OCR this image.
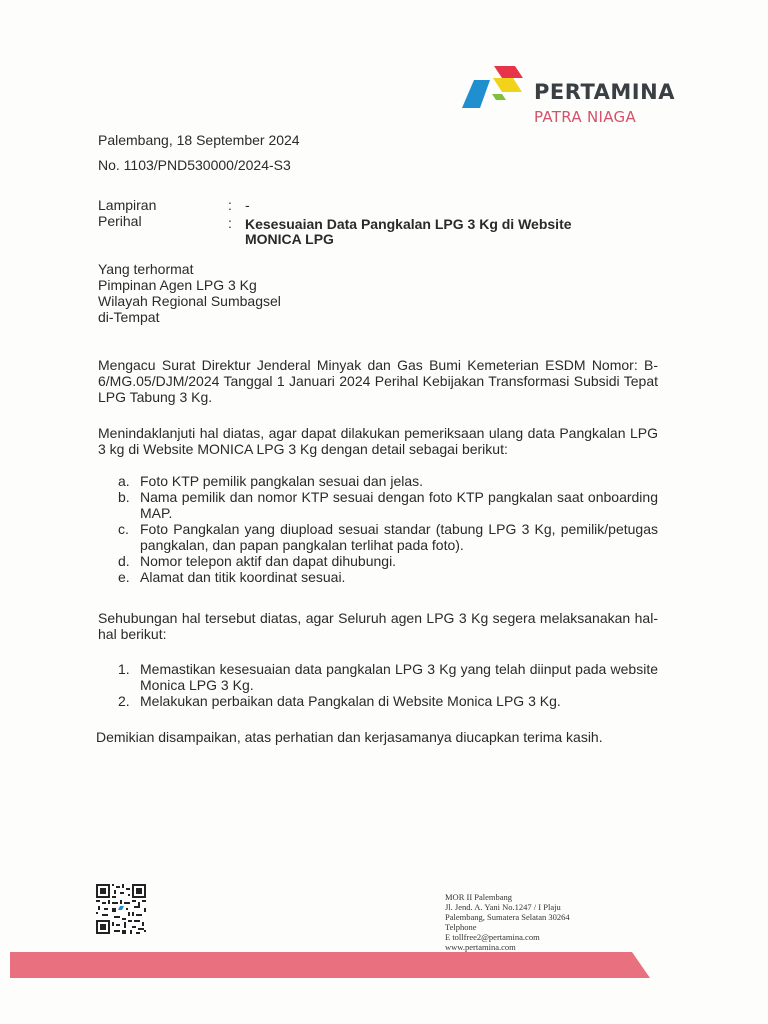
PERTAMINA
PATRA NIAGA
Palembang, 18 September 2024
No. 1103/PND530000/2024-S3
Lampiran	: -
Perihal	: Kesesuaian Data Pangkalan LPG 3 Kg di Website
MONICA LPG
Yang terhormat
Pimpinan Agen LPG 3 Kg
Wilayah Regional Sumbagsel
di-Tempat
Mengacu Surat Direktur Jenderal Minyak dan Gas Bumi Kemeterian ESDM Nomor: B-6/MG.05/DJM/2024 Tanggal 1 Januari 2024 Perihal Kebijakan Transformasi Subsidi Tepat LPG Tabung 3 Kg.
Menindaklanjuti hal diatas, agar dapat dilakukan pemeriksaan ulang data Pangkalan LPG 3 kg di Website MONICA LPG 3 Kg dengan detail sebagai berikut:
a. Foto KTP pemilik pangkalan sesuai dan jelas.
b. Nama pemilik dan nomor KTP sesuai dengan foto KTP pangkalan saat onboarding MAP.
c. Foto Pangkalan yang diupload sesuai standar (tabung LPG 3 Kg, pemilik/petugas pangkalan, dan papan pangkalan terlihat pada foto).
d. Nomor telepon aktif dan dapat dihubungi.
e. Alamat dan titik koordinat sesuai.
Sehubungan hal tersebut diatas, agar Seluruh agen LPG 3 Kg segera melaksanakan hal-hal berikut:
1. Memastikan kesesuaian data pangkalan LPG 3 Kg yang telah diinput pada website Monica LPG 3 Kg.
2. Melakukan perbaikan data Pangkalan di Website Monica LPG 3 Kg.
Demikian disampaikan, atas perhatian dan kerjasamanya diucapkan terima kasih.
MOR II Palembang
Jl. Jend. A. Yani No.1247 / I Plaju
Palembang, Sumatera Selatan 30264
Telphone
E tollfree2@pertamina.com
www.pertamina.com
